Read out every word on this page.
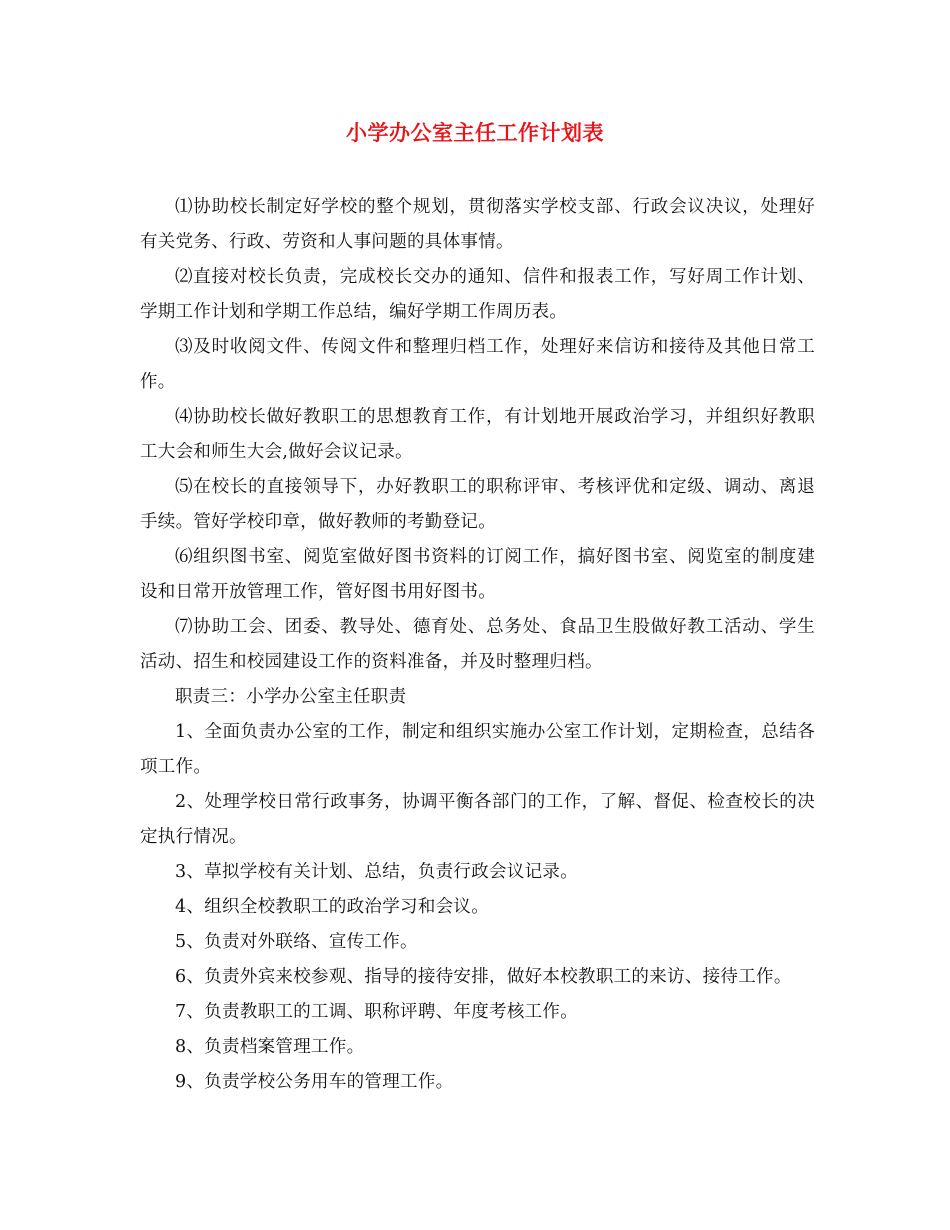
小学办公室主任工作计划表

⑴协助校长制定好学校的整个规划，贯彻落实学校支部、行政会议决议，处理好有关党务、行政、劳资和人事问题的具体事情。

⑵直接对校长负责，完成校长交办的通知、信件和报表工作，写好周工作计划、学期工作计划和学期工作总结，编好学期工作周历表。

⑶及时收阅文件、传阅文件和整理归档工作，处理好来信访和接待及其他日常工作。

⑷协助校长做好教职工的思想教育工作，有计划地开展政治学习，并组织好教职工大会和师生大会,做好会议记录。

⑸在校长的直接领导下，办好教职工的职称评审、考核评优和定级、调动、离退手续。管好学校印章，做好教师的考勤登记。

⑹组织图书室、阅览室做好图书资料的订阅工作，搞好图书室、阅览室的制度建设和日常开放管理工作，管好图书用好图书。

⑺协助工会、团委、教导处、德育处、总务处、食品卫生股做好教工活动、学生活动、招生和校园建设工作的资料准备，并及时整理归档。

职责三：小学办公室主任职责

1、全面负责办公室的工作，制定和组织实施办公室工作计划，定期检查，总结各项工作。

2、处理学校日常行政事务，协调平衡各部门的工作，了解、督促、检查校长的决定执行情况。

3、草拟学校有关计划、总结，负责行政会议记录。

4、组织全校教职工的政治学习和会议。

5、负责对外联络、宣传工作。

6、负责外宾来校参观、指导的接待安排，做好本校教职工的来访、接待工作。

7、负责教职工的工调、职称评聘、年度考核工作。

8、负责档案管理工作。

9、负责学校公务用车的管理工作。
